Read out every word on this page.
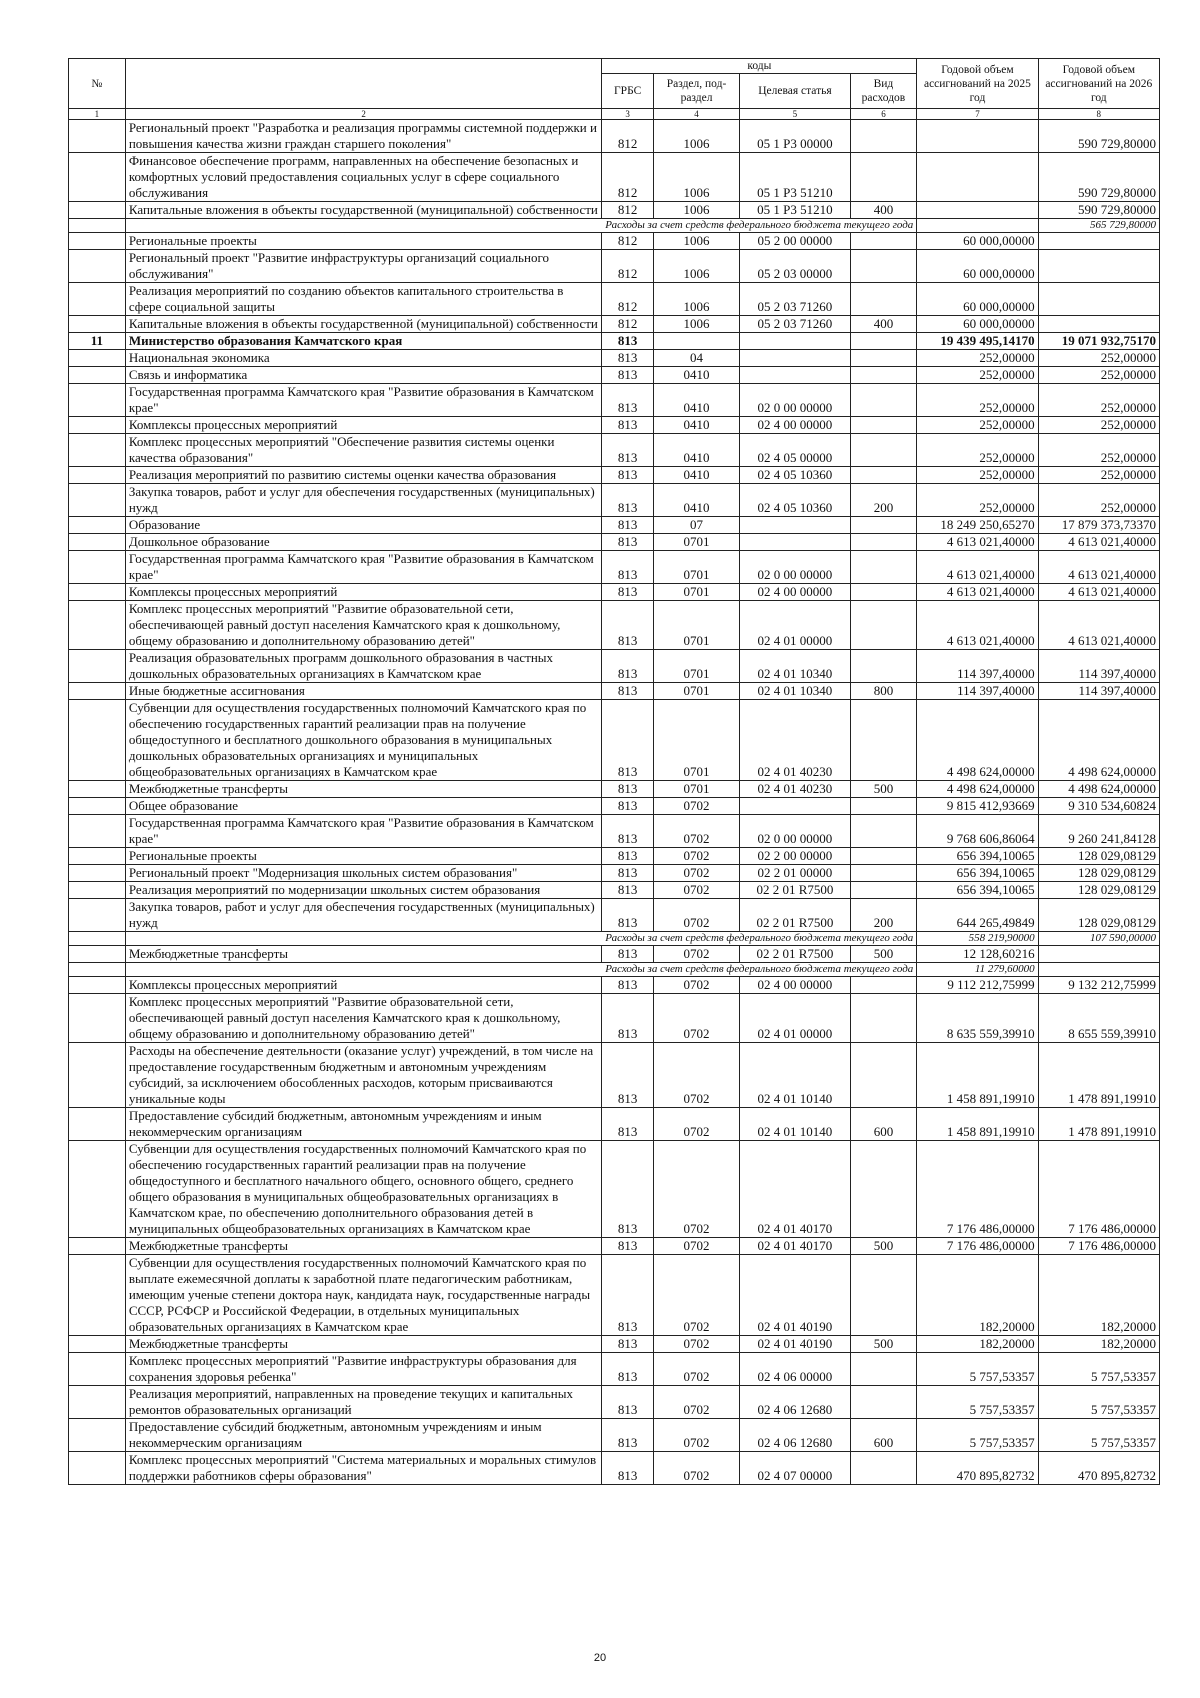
№		коды				Годовой объем ассигнований на 2025 год	Годовой объем ассигнований на 2026 год
		ГРБС	Раздел, под-раздел	Целевая статья	Вид расходов		
1	2	3	4	5	6	7	8
	Региональный проект "Разработка и реализация программы системной поддержки и повышения качества жизни граждан старшего поколения"	812	1006	05 1 Р3 00000			590 729,80000
	Финансовое обеспечение программ, направленных на обеспечение безопасных и комфортных условий предоставления социальных услуг в сфере социального обслуживания	812	1006	05 1 Р3 51210			590 729,80000
	Капитальные вложения в объекты государственной (муниципальной) собственности	812	1006	05 1 Р3 51210	400		590 729,80000
	Расходы за счет средств федерального бюджета текущего года						565 729,80000
	Региональные проекты	812	1006	05 2 00 00000		60 000,00000	
	Региональный проект "Развитие инфраструктуры организаций социального обслуживания"	812	1006	05 2 03 00000		60 000,00000	
	Реализация мероприятий по созданию объектов капитального строительства в сфере социальной защиты	812	1006	05 2 03 71260		60 000,00000	
	Капитальные вложения в объекты государственной (муниципальной) собственности	812	1006	05 2 03 71260	400	60 000,00000	
11	Министерство образования Камчатского края	813				19 439 495,14170	19 071 932,75170
	Национальная экономика	813	04			252,00000	252,00000
	Связь и информатика	813	0410			252,00000	252,00000
	Государственная программа Камчатского края "Развитие образования в Камчатском крае"	813	0410	02 0 00 00000		252,00000	252,00000
	Комплексы процессных мероприятий	813	0410	02 4 00 00000		252,00000	252,00000
	Комплекс процессных мероприятий "Обеспечение развития системы оценки качества образования"	813	0410	02 4 05 00000		252,00000	252,00000
	Реализация мероприятий по развитию системы оценки качества образования	813	0410	02 4 05 10360		252,00000	252,00000
	Закупка товаров, работ и услуг для обеспечения государственных (муниципальных) нужд	813	0410	02 4 05 10360	200	252,00000	252,00000
	Образование	813	07			18 249 250,65270	17 879 373,73370
	Дошкольное образование	813	0701			4 613 021,40000	4 613 021,40000
	Государственная программа Камчатского края "Развитие образования в Камчатском крае"	813	0701	02 0 00 00000		4 613 021,40000	4 613 021,40000
	Комплексы процессных мероприятий	813	0701	02 4 00 00000		4 613 021,40000	4 613 021,40000
	Комплекс процессных мероприятий "Развитие образовательной сети, обеспечивающей равный доступ населения Камчатского края к дошкольному, общему образованию и дополнительному образованию детей"	813	0701	02 4 01 00000		4 613 021,40000	4 613 021,40000
	Реализация образовательных программ дошкольного образования в частных дошкольных образовательных организациях в Камчатском крае	813	0701	02 4 01 10340		114 397,40000	114 397,40000
	Иные бюджетные ассигнования	813	0701	02 4 01 10340	800	114 397,40000	114 397,40000
	Субвенции для осуществления государственных полномочий Камчатского края по обеспечению государственных гарантий реализации прав на получение общедоступного и бесплатного дошкольного образования в муниципальных дошкольных образовательных организациях и муниципальных общеобразовательных организациях в Камчатском крае	813	0701	02 4 01 40230		4 498 624,00000	4 498 624,00000
	Межбюджетные трансферты	813	0701	02 4 01 40230	500	4 498 624,00000	4 498 624,00000
	Общее образование	813	0702			9 815 412,93669	9 310 534,60824
	Государственная программа Камчатского края "Развитие образования в Камчатском крае"	813	0702	02 0 00 00000		9 768 606,86064	9 260 241,84128
	Региональные проекты	813	0702	02 2 00 00000		656 394,10065	128 029,08129
	Региональный проект "Модернизация школьных систем образования"	813	0702	02 2 01 00000		656 394,10065	128 029,08129
	Реализация мероприятий по модернизации школьных систем образования	813	0702	02 2 01 R7500		656 394,10065	128 029,08129
	Закупка товаров, работ и услуг для обеспечения государственных (муниципальных) нужд	813	0702	02 2 01 R7500	200	644 265,49849	128 029,08129
	Расходы за счет средств федерального бюджета текущего года					558 219,90000	107 590,00000
	Межбюджетные трансферты	813	0702	02 2 01 R7500	500	12 128,60216	
	Расходы за счет средств федерального бюджета текущего года					11 279,60000	
	Комплексы процессных мероприятий	813	0702	02 4 00 00000		9 112 212,75999	9 132 212,75999
	Комплекс процессных мероприятий "Развитие образовательной сети, обеспечивающей равный доступ населения Камчатского края к дошкольному, общему образованию и дополнительному образованию детей"	813	0702	02 4 01 00000		8 635 559,39910	8 655 559,39910
	Расходы на обеспечение деятельности (оказание услуг) учреждений, в том числе на предоставление государственным бюджетным и автономным учреждениям субсидий, за исключением обособленных расходов, которым присваиваются уникальные коды	813	0702	02 4 01 10140		1 458 891,19910	1 478 891,19910
	Предоставление субсидий бюджетным, автономным учреждениям и иным некоммерческим организациям	813	0702	02 4 01 10140	600	1 458 891,19910	1 478 891,19910
	Субвенции для осуществления государственных полномочий Камчатского края по обеспечению государственных гарантий реализации прав на получение общедоступного и бесплатного начального общего, основного общего, среднего общего образования в муниципальных общеобразовательных организациях в Камчатском крае, по обеспечению дополнительного образования детей в муниципальных общеобразовательных организациях в Камчатском крае	813	0702	02 4 01 40170		7 176 486,00000	7 176 486,00000
	Межбюджетные трансферты	813	0702	02 4 01 40170	500	7 176 486,00000	7 176 486,00000
	Субвенции для осуществления государственных полномочий Камчатского края по выплате ежемесячной доплаты к заработной плате педагогическим работникам, имеющим ученые степени доктора наук, кандидата наук, государственные награды СССР, РСФСР и Российской Федерации, в отдельных муниципальных образовательных организациях в Камчатском крае	813	0702	02 4 01 40190		182,20000	182,20000
	Межбюджетные трансферты	813	0702	02 4 01 40190	500	182,20000	182,20000
	Комплекс процессных мероприятий "Развитие инфраструктуры образования для сохранения здоровья ребенка"	813	0702	02 4 06 00000		5 757,53357	5 757,53357
	Реализация мероприятий, направленных на проведение текущих и капитальных ремонтов образовательных организаций	813	0702	02 4 06 12680		5 757,53357	5 757,53357
	Предоставление субсидий бюджетным, автономным учреждениям и иным некоммерческим организациям	813	0702	02 4 06 12680	600	5 757,53357	5 757,53357
	Комплекс процессных мероприятий "Система материальных и моральных стимулов поддержки работников сферы образования"	813	0702	02 4 07 00000		470 895,82732	470 895,82732
20
